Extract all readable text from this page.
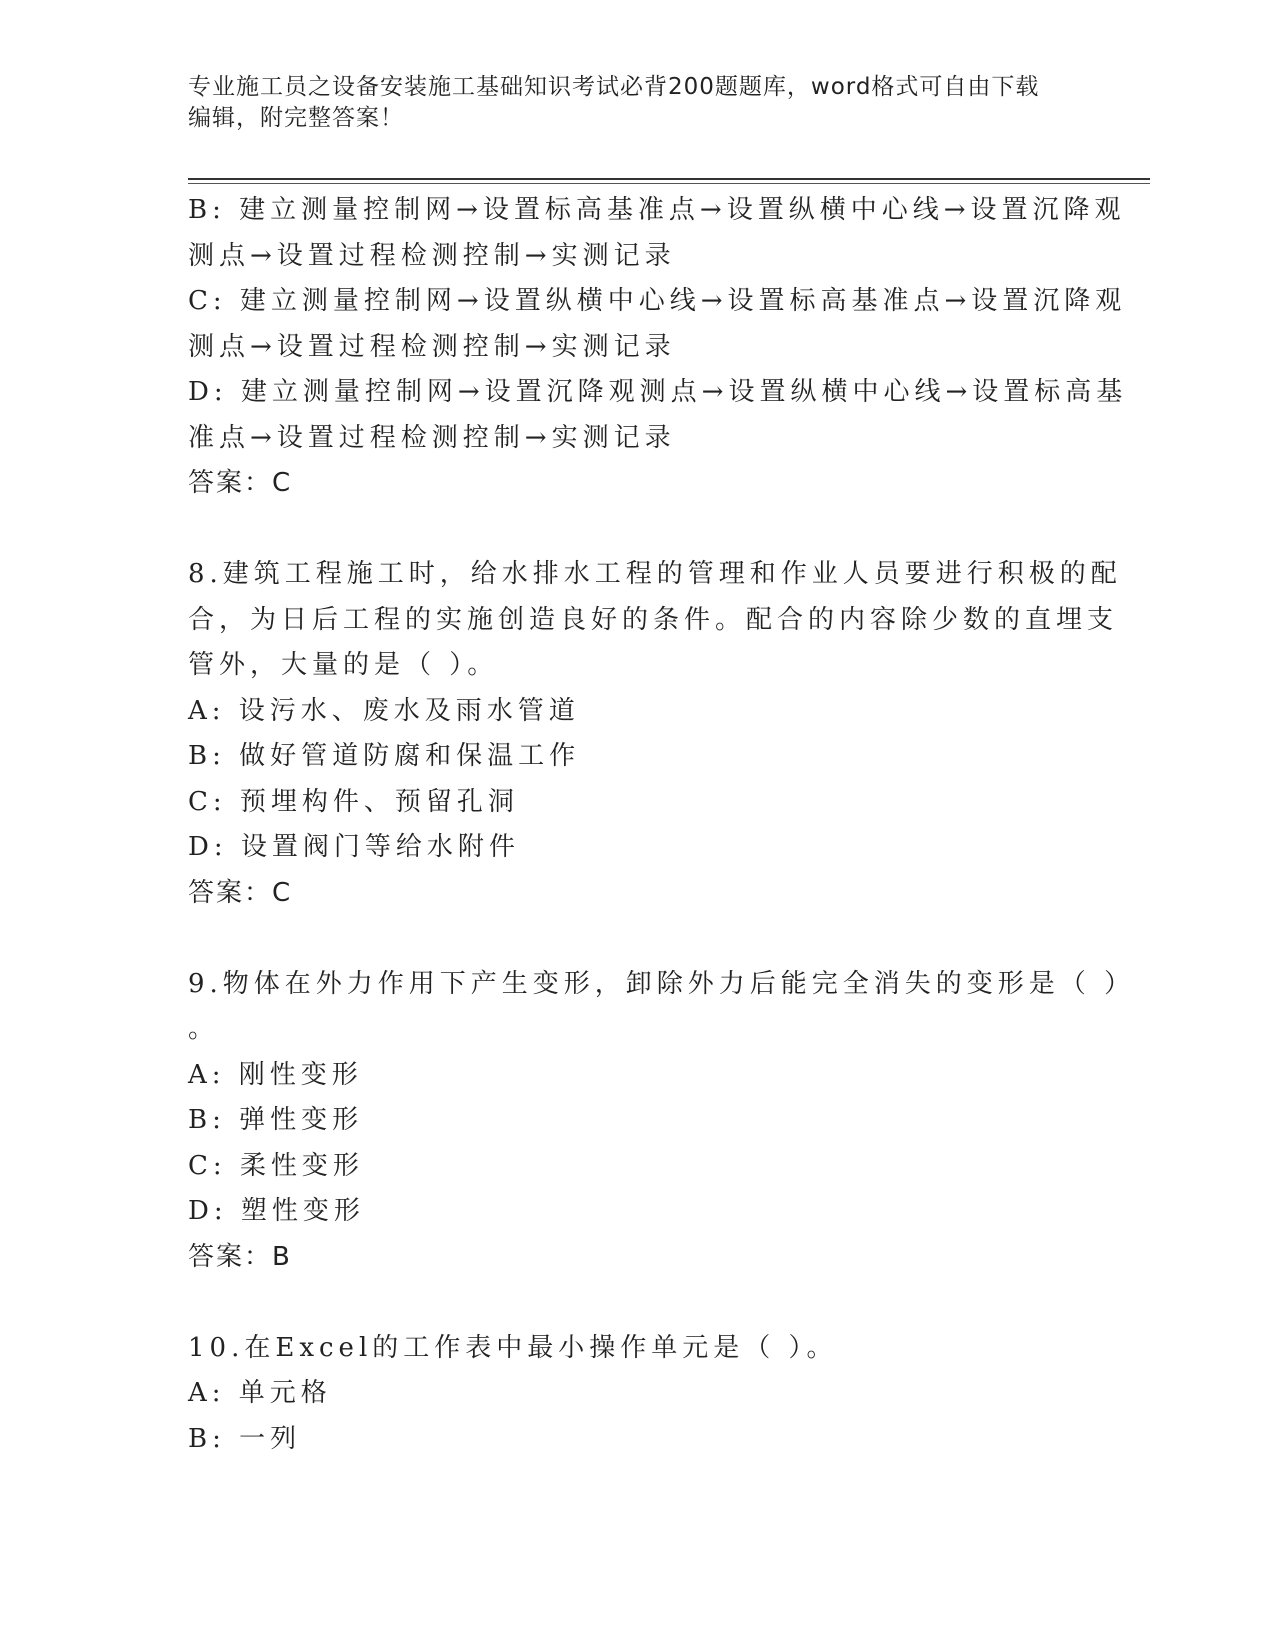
专业施工员之设备安装施工基础知识考试必背200题题库，word格式可自由下载
编辑，附完整答案！

B: 建立测量控制网→设置标高基准点→设置纵横中心线→设置沉降观

测点→设置过程检测控制→实测记录

C: 建立测量控制网→设置纵横中心线→设置标高基准点→设置沉降观

测点→设置过程检测控制→实测记录

D: 建立测量控制网→设置沉降观测点→设置纵横中心线→设置标高基

准点→设置过程检测控制→实测记录

答案：C

8.建筑工程施工时，给水排水工程的管理和作业人员要进行积极的配

合，为日后工程的实施创造良好的条件。配合的内容除少数的直埋支

管外，大量的是（ ）。

A: 设污水、废水及雨水管道

B: 做好管道防腐和保温工作

C: 预埋构件、预留孔洞

D: 设置阀门等给水附件

答案：C

9.物体在外力作用下产生变形，卸除外力后能完全消失的变形是（ ）

。

A: 刚性变形

B: 弹性变形

C: 柔性变形

D: 塑性变形

答案：B

10.在Excel的工作表中最小操作单元是（ ）。

A: 单元格

B: 一列
